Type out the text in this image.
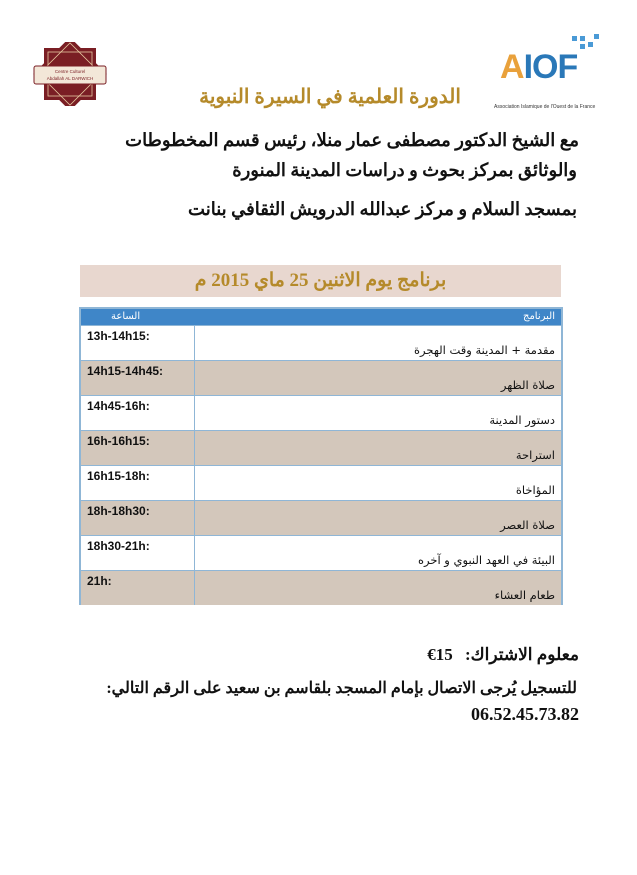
Centre Culturel
Abdallah AL DARWICH	AIOF
Association Islamique de l'Ouest de la France
الدورة العلمية في السيرة النبوية
مع الشيخ الدكتور مصطفى عمار منلا، رئيس قسم المخطوطات
والوثائق بمركز بحوث و دراسات المدينة المنورة
بمسجد السلام و مركز عبدالله الدرويش الثقافي بنانت
برنامج يوم الاثنين 25 ماي 2015 م
البرنامج
الساعة
13h-14h15:
مقدمة + المدينة وقت الهجرة
14h15-14h45:
صلاة الظهر
14h45-16h:
دستور المدينة
16h-16h15:
استراحة
16h15-18h:
المؤاخاة
18h-18h30:
صلاة العصر
18h30-21h:
البيئة في العهد النبوي و آخره
21h:
طعام العشاء
معلوم الاشتراك: 15€
للتسجيل يُرجى الاتصال بإمام المسجد بلقاسم بن سعيد على الرقم التالي:
06.52.45.73.82
